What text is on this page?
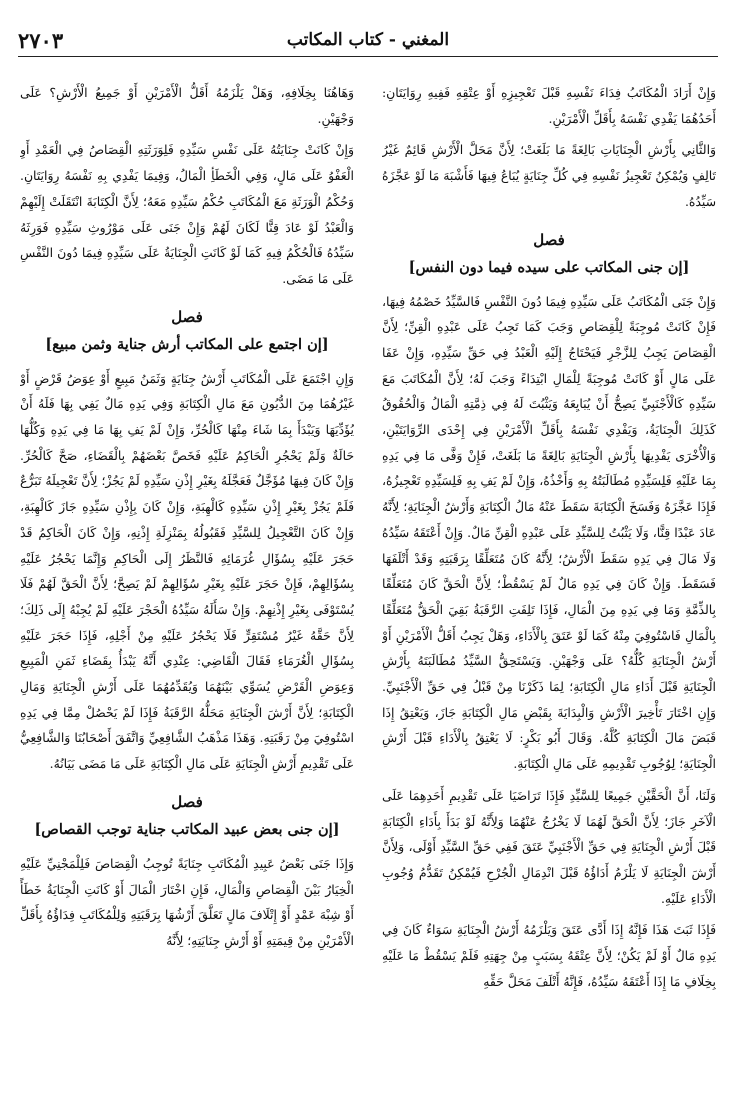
المغني - كتاب المكاتب
٢٧٠٣

وَإِنْ أَرَادَ الْمُكَاتَبُ فِدَاءَ نَفْسِهِ قَبْلَ تَعْجِيزِهِ أَوْ عِتْقِهِ فَفِيهِ رِوَايَتَانِ: أَحَدُهُمَا يَفْدِي نَفْسَهُ بِأَقَلِّ الْأَمْرَيْنِ.

وَالثَّانِي بِأَرْشِ الْجِنَايَاتِ بَالِغَةً مَا بَلَغَتْ؛ لِأَنَّ مَحَلَّ الْأَرْشِ قَائِمٌ غَيْرُ تَالِفٍ وَيُمْكِنُ تَعْجِيزُ نَفْسِهِ فِي كُلِّ جِنَايَةٍ يُبَاعُ فِيهَا فَأَشْبَهَ مَا لَوْ عَجَّزَهُ سَيِّدُهُ.

فصل
[إن جنى المكاتب على سيده فيما دون النفس]

وَإِنْ جَنَى الْمُكَاتَبُ عَلَى سَيِّدِهِ فِيمَا دُونَ النَّفْسِ فَالسَّيِّدُ خَصْمُهُ فِيهَا، فَإِنْ كَانَتْ مُوجِبَةً لِلْقِصَاصِ وَجَبَ كَمَا تَجِبُ عَلَى عَبْدِهِ الْقِنِّ؛ لِأَنَّ الْقِصَاصَ يَجِبُ لِلزَّجْرِ فَيَحْتَاجُ إِلَيْهِ الْعَبْدُ فِي حَقِّ سَيِّدِهِ، وَإِنْ عَفَا عَلَى مَالٍ أَوْ كَانَتْ مُوجِبَةً لِلْمَالِ ابْتِدَاءً وَجَبَ لَهُ؛ لِأَنَّ الْمُكَاتَبَ مَعَ سَيِّدِهِ كَالْأَجْنَبِيِّ يَصِحُّ أَنْ يُبَايِعَهُ وَيَثْبُتَ لَهُ فِي ذِمَّتِهِ الْمَالُ وَالْحُقُوقُ كَذَلِكَ الْجِنَايَةُ، وَيَفْدِي نَفْسَهُ بِأَقَلِّ الْأَمْرَيْنِ فِي إِحْدَى الرِّوَايَتَيْنِ، وَالْأُخْرَى يَفْدِيهَا بِأَرْشِ الْجِنَايَةِ بَالِغَةً مَا بَلَغَتْ، فَإِنْ وَفَّى مَا فِي يَدِهِ بِمَا عَلَيْهِ فَلِسَيِّدِهِ مُطَالَبَتُهُ بِهِ وَأَخْذُهُ، وَإِنْ لَمْ يَفِ بِهِ فَلِسَيِّدِهِ تَعْجِيزُهُ، فَإِذَا عَجَّزَهُ وَفَسَخَ الْكِتَابَةَ سَقَطَ عَنْهُ مَالُ الْكِتَابَةِ وَأَرْشُ الْجِنَايَةِ؛ لِأَنَّهُ عَادَ عَبْدًا قِنًّا، وَلَا يَثْبُتُ لِلسَّيِّدِ عَلَى عَبْدِهِ الْقِنِّ مَالٌ. وَإِنْ أَعْتَقَهُ سَيِّدُهُ وَلَا مَالَ فِي يَدِهِ سَقَطَ الْأَرْشُ؛ لِأَنَّهُ كَانَ مُتَعَلِّقًا بِرَقَبَتِهِ وَقَدْ أَتْلَفَهَا فَسَقَطَ. وَإِنْ كَانَ فِي يَدِهِ مَالٌ لَمْ يَسْقُطْ؛ لِأَنَّ الْحَقَّ كَانَ مُتَعَلِّقًا بِالذِّمَّةِ وَمَا فِي يَدِهِ مِنَ الْمَالِ، فَإِذَا تَلِفَتِ الرَّقَبَةُ بَقِيَ الْحَقُّ مُتَعَلِّقًا بِالْمَالِ فَاسْتُوفِيَ مِنْهُ كَمَا لَوْ عَتَقَ بِالْأَدَاءِ، وَهَلْ يَجِبُ أَقَلُّ الْأَمْرَيْنِ أَوْ أَرْشُ الْجِنَايَةِ كُلُّهُ؟ عَلَى وَجْهَيْنِ. وَيَسْتَحِقُّ السَّيِّدُ مُطَالَبَتَهُ بِأَرْشِ الْجِنَايَةِ قَبْلَ أَدَاءِ مَالِ الْكِتَابَةِ؛ لِمَا ذَكَرْنَا مِنْ قَبْلُ فِي حَقِّ الْأَجْنَبِيِّ. وَإِنِ اخْتَارَ تَأْخِيرَ الْأَرْشِ وَالْبِدَايَةَ بِقَبْضِ مَالِ الْكِتَابَةِ جَازَ، وَيَعْتِقُ إِذَا قَبَضَ مَالَ الْكِتَابَةِ كُلَّهُ. وَقَالَ أَبُو بَكْرٍ: لَا يَعْتِقُ بِالْأَدَاءِ قَبْلَ أَرْشِ الْجِنَايَةِ؛ لِوُجُوبِ تَقْدِيمِهِ عَلَى مَالِ الْكِتَابَةِ.

وَلَنَا، أَنَّ الْحَقَّيْنِ جَمِيعًا لِلسَّيِّدِ فَإِذَا تَرَاضَيَا عَلَى تَقْدِيمِ أَحَدِهِمَا عَلَى الْآخَرِ جَازَ؛ لِأَنَّ الْحَقَّ لَهُمَا لَا يَخْرُجُ عَنْهُمَا وَلِأَنَّهُ لَوْ بَدَأَ بِأَدَاءِ الْكِتَابَةِ قَبْلَ أَرْشِ الْجِنَايَةِ فِي حَقِّ الْأَجْنَبِيِّ عَتَقَ فَفِي حَقِّ السَّيِّدِ أَوْلَى، وَلِأَنَّ أَرْشَ الْجِنَايَةِ لَا يَلْزَمُ أَدَاؤُهُ قَبْلَ انْدِمَالِ الْجُرْحِ فَيُمْكِنُ تَقَدُّمُ وُجُوبِ الْأَدَاءِ عَلَيْهِ.

فَإِذَا ثَبَتَ هَذَا فَإِنَّهُ إِذَا أَدَّى عَتَقَ وَيَلْزَمُهُ أَرْشُ الْجِنَايَةِ سَوَاءٌ كَانَ فِي يَدِهِ مَالٌ أَوْ لَمْ يَكُنْ؛ لِأَنَّ عِتْقَهُ بِسَبَبٍ مِنْ جِهَتِهِ فَلَمْ يَسْقُطْ مَا عَلَيْهِ بِخِلَافِ مَا إِذَا أَعْتَقَهُ سَيِّدُهُ، فَإِنَّهُ أَتْلَفَ مَحَلَّ حَقِّهِ

وَهَاهُنَا بِخِلَافِهِ، وَهَلْ يَلْزَمُهُ أَقَلُّ الْأَمْرَيْنِ أَوْ جَمِيعُ الْأَرْشِ؟ عَلَى وَجْهَيْنِ.

وَإِنْ كَانَتْ جِنَايَتُهُ عَلَى نَفْسِ سَيِّدِهِ فَلِوَرَثَتِهِ الْقِصَاصُ فِي الْعَمْدِ أَوِ الْعَفْوُ عَلَى مَالٍ، وَفِي الْخَطَأِ الْمَالُ، وَفِيمَا يَفْدِي بِهِ نَفْسَهُ رِوَايَتَانِ. وَحُكْمُ الْوَرَثَةِ مَعَ الْمُكَاتَبِ حُكْمُ سَيِّدِهِ مَعَهُ؛ لِأَنَّ الْكِتَابَةَ انْتَقَلَتْ إِلَيْهِمْ وَالْعَبْدُ لَوْ عَادَ قِنًّا لَكَانَ لَهُمْ وَإِنْ جَنَى عَلَى مَوْرُوثِ سَيِّدِهِ فَوَرِثَهُ سَيِّدُهُ فَالْحُكْمُ فِيهِ كَمَا لَوْ كَانَتِ الْجِنَايَةُ عَلَى سَيِّدِهِ فِيمَا دُونَ النَّفْسِ عَلَى مَا مَضَى.

فصل
[إن اجتمع على المكاتب أرش جناية وثمن مبيع]

وَإِنِ اجْتَمَعَ عَلَى الْمُكَاتَبِ أَرْشُ جِنَايَةٍ وَثَمَنُ مَبِيعٍ أَوْ عِوَضُ قَرْضٍ أَوْ غَيْرُهُمَا مِنَ الدُّيُونِ مَعَ مَالِ الْكِتَابَةِ وَفِي يَدِهِ مَالٌ يَفِي بِهَا فَلَهُ أَنْ يُؤَدِّيَهَا وَيَبْدَأَ بِمَا شَاءَ مِنْهَا كَالْحُرِّ، وَإِنْ لَمْ يَفِ بِهَا مَا فِي يَدِهِ وَكُلُّهَا حَالَةٌ وَلَمْ يَحْجُرِ الْحَاكِمُ عَلَيْهِ فَخَصَّ بَعْضَهُمْ بِالْقَضَاءِ، صَحَّ كَالْحُرِّ. وَإِنْ كَانَ فِيهَا مُؤَجَّلٌ فَعَجَّلَهُ بِغَيْرِ إِذْنِ سَيِّدِهِ لَمْ يَجُزْ؛ لِأَنَّ تَعْجِيلَهُ تَبَرُّعٌ فَلَمْ يَجُزْ بِغَيْرِ إِذْنِ سَيِّدِهِ كَالْهِبَةِ، وَإِنْ كَانَ بِإِذْنِ سَيِّدِهِ جَازَ كَالْهِبَةِ، وَإِنْ كَانَ التَّعْجِيلُ لِلسَّيِّدِ فَقَبُولُهُ بِمَنْزِلَةِ إِذْنِهِ، وَإِنْ كَانَ الْحَاكِمُ قَدْ حَجَرَ عَلَيْهِ بِسُؤَالِ غُرَمَائِهِ فَالنَّظَرُ إِلَى الْحَاكِمِ وَإِنَّمَا يَحْجُرُ عَلَيْهِ بِسُؤَالِهِمْ، فَإِنْ حَجَرَ عَلَيْهِ بِغَيْرِ سُؤَالِهِمْ لَمْ يَصِحَّ؛ لِأَنَّ الْحَقَّ لَهُمْ فَلَا يُسْتَوْفَى بِغَيْرِ إِذْنِهِمْ. وَإِنْ سَأَلَهُ سَيِّدُهُ الْحَجْرَ عَلَيْهِ لَمْ يُجِبْهُ إِلَى ذَلِكَ؛ لِأَنَّ حَقَّهُ غَيْرُ مُسْتَقِرٍّ فَلَا يَحْجُرُ عَلَيْهِ مِنْ أَجْلِهِ، فَإِذَا حَجَرَ عَلَيْهِ بِسُؤَالِ الْغُرَمَاءِ فَقَالَ الْقَاضِي: عِنْدِي أَنَّهُ يَبْدَأُ بِقَضَاءِ ثَمَنِ الْمَبِيعِ وَعِوَضِ الْقَرْضِ يُسَوِّي بَيْنَهُمَا وَيُقَدِّمُهُمَا عَلَى أَرْشِ الْجِنَايَةِ وَمَالِ الْكِتَابَةِ؛ لِأَنَّ أَرْشَ الْجِنَايَةِ مَحَلُّهُ الرَّقَبَةُ فَإِذَا لَمْ يَحْصُلْ مِمَّا فِي يَدِهِ اسْتُوفِيَ مِنْ رَقَبَتِهِ. وَهَذَا مَذْهَبُ الشَّافِعِيِّ وَاتَّفَقَ أَصْحَابُنَا وَالشَّافِعِيُّ عَلَى تَقْدِيمِ أَرْشِ الْجِنَايَةِ عَلَى مَالِ الْكِتَابَةِ عَلَى مَا مَضَى بَيَانُهُ.

فصل
[إن جنى بعض عبيد المكاتب جناية توجب القصاص]

وَإِذَا جَنَى بَعْضُ عَبِيدِ الْمُكَاتَبِ جِنَايَةً تُوجِبُ الْقِصَاصَ فَلِلْمَجْنِيِّ عَلَيْهِ الْخِيَارُ بَيْنَ الْقِصَاصِ وَالْمَالِ، فَإِنِ اخْتَارَ الْمَالَ أَوْ كَانَتِ الْجِنَايَةُ خَطَأً أَوْ شِبْهَ عَمْدٍ أَوْ إِتْلَافَ مَالٍ تَعَلَّقَ أَرْشُهَا بِرَقَبَتِهِ وَلِلْمُكَاتَبِ فِدَاؤُهُ بِأَقَلِّ الْأَمْرَيْنِ مِنْ قِيمَتِهِ أَوْ أَرْشِ جِنَايَتِهِ؛ لِأَنَّهُ
